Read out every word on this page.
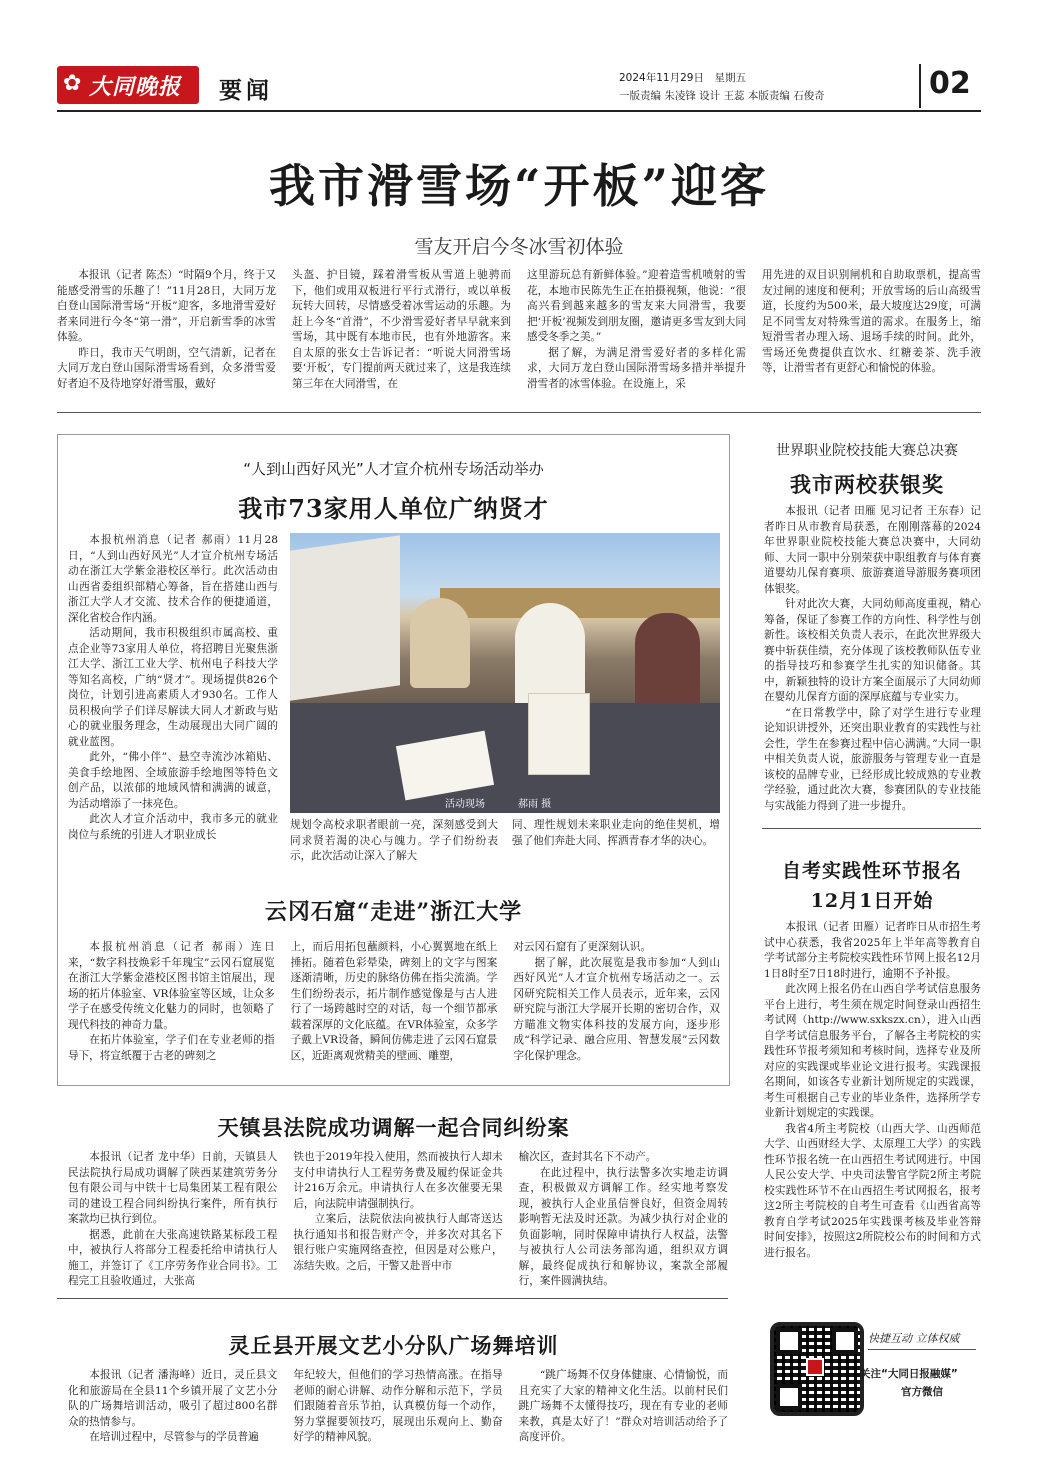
✿ 大同晚报 要闻	2024年11月29日　星期五
一版责编 朱凌锋 设计 王蕊 本版责编 石俊奇	02
我市滑雪场“开板”迎客
雪友开启今冬冰雪初体验

本报讯（记者 陈杰）“时隔9个月，终于又能感受滑雪的乐趣了！”11月28日，大同万龙白登山国际滑雪场“开板”迎客，多地滑雪爱好者来同进行今冬“第一滑”，开启新雪季的冰雪体验。

昨日，我市天气明朗，空气清新，记者在大同万龙白登山国际滑雪场看到，众多滑雪爱好者迫不及待地穿好滑雪服，戴好

头盔、护目镜，踩着滑雪板从雪道上驰骋而下，他们或用双板进行平行式滑行，或以单板玩转大回转，尽情感受着冰雪运动的乐趣。为赶上今冬“首滑”，不少滑雪爱好者早早就来到雪场，其中既有本地市民，也有外地游客。来自太原的张女士告诉记者：“听说大同滑雪场要‘开板’，专门提前两天就过来了，这是我连续第三年在大同滑雪，在

这里游玩总有新鲜体验。”迎着造雪机喷射的雪花，本地市民陈先生正在拍摄视频，他说：“很高兴看到越来越多的雪友来大同滑雪，我要把‘开板’视频发到朋友圈，邀请更多雪友到大同感受冬季之美。”

据了解，为满足滑雪爱好者的多样化需求，大同万龙白登山国际滑雪场多措并举提升滑雪者的冰雪体验。在设施上，采

用先进的双目识别闸机和自助取票机，提高雪友过闸的速度和便利；开放雪场的后山高级雪道，长度约为500米，最大坡度达29度，可满足不同雪友对特殊雪道的需求。在服务上，缩短滑雪者办理入场、退场手续的时间。此外，雪场还免费提供直饮水、红糖姜茶、洗手液等，让滑雪者有更舒心和愉悦的体验。

“人到山西好风光”人才宣介杭州专场活动举办
我市73家用人单位广纳贤才

本报杭州消息（记者 郝雨）11月28日，“人到山西好风光”人才宣介杭州专场活动在浙江大学紫金港校区举行。此次活动由山西省委组织部精心筹备，旨在搭建山西与浙江大学人才交流、技术合作的便捷通道，深化省校合作内涵。

活动期间，我市积极组织市属高校、重点企业等73家用人单位，将招聘目光聚焦浙江大学、浙江工业大学、杭州电子科技大学等知名高校，广纳“贤才”。现场提供826个岗位，计划引进高素质人才930名。工作人员积极向学子们详尽解读大同人才新政与贴心的就业服务理念，生动展现出大同广阔的就业蓝图。

此外，“佛小伴”、悬空寺流沙冰箱贴、美食手绘地图、全域旅游手绘地图等特色文创产品，以浓郁的地域风情和满满的诚意，为活动增添了一抹亮色。

此次人才宣介活动中，我市多元的就业岗位与系统的引进人才职业成长

活动现场	郝雨 摄

规划令高校求职者眼前一亮，深刻感受到大同求贤若渴的决心与魄力。学子们纷纷表示，此次活动让深入了解大

同、理性规划未来职业走向的绝佳契机，增强了他们奔赴大同、挥洒青春才华的决心。

云冈石窟“走进”浙江大学

本报杭州消息（记者 郝雨）连日来，“数字科技焕彩千年瑰宝”云冈石窟展览在浙江大学紫金港校区图书馆主馆展出，现场的拓片体验室、VR体验室等区域，让众多学子在感受传统文化魅力的同时，也领略了现代科技的神奇力量。

在拓片体验室，学子们在专业老师的指导下，将宣纸覆于古老的碑刻之

上，而后用拓包蘸颜料，小心翼翼地在纸上捶拓。随着色彩晕染，碑刻上的文字与图案逐渐清晰，历史的脉络仿佛在指尖流淌。学生们纷纷表示，拓片制作感觉像是与古人进行了一场跨越时空的对话，每一个细节都承载着深厚的文化底蕴。在VR体验室，众多学子戴上VR设备，瞬间仿佛走进了云冈石窟景区，近距离观赏精美的壁画、雕塑，

对云冈石窟有了更深刻认识。

据了解，此次展览是我市参加“人到山西好风光”人才宣介杭州专场活动之一。云冈研究院相关工作人员表示，近年来，云冈研究院与浙江大学展开长期的密切合作，双方瞄准文物实体科技的发展方向，逐步形成“科学记录、融合应用、智慧发展”云冈数字化保护理念。

世界职业院校技能大赛总决赛
我市两校获银奖

本报讯（记者 田雁 见习记者 王东春）记者昨日从市教育局获悉，在刚刚落幕的2024年世界职业院校技能大赛总决赛中，大同幼师、大同一职中分别荣获中职组教育与体育赛道婴幼儿保育赛项、旅游赛道导游服务赛项团体银奖。

针对此次大赛，大同幼师高度重视，精心筹备，保证了参赛工作的方向性、科学性与创新性。该校相关负责人表示，在此次世界级大赛中斩获佳绩，充分体现了该校教师队伍专业的指导技巧和参赛学生扎实的知识储备。其中，新颖独特的设计方案全面展示了大同幼师在婴幼儿保育方面的深厚底蕴与专业实力。

“在日常教学中，除了对学生进行专业理论知识讲授外，还突出职业教育的实践性与社会性，学生在参赛过程中信心满满。”大同一职中相关负责人说，旅游服务与管理专业一直是该校的品牌专业，已经形成比较成熟的专业教学经验，通过此次大赛，参赛团队的专业技能与实战能力得到了进一步提升。

自考实践性环节报名
12月1日开始

本报讯（记者 田雁）记者昨日从市招生考试中心获悉，我省2025年上半年高等教育自学考试部分主考院校实践性环节网上报名12月1日8时至7日18时进行，逾期不予补报。

此次网上报名仍在山西自学考试信息服务平台上进行，考生须在规定时间登录山西招生考试网（http://www.sxkszx.cn），进入山西自学考试信息服务平台，了解各主考院校的实践性环节报考须知和考核时间，选择专业及所对应的实践课或毕业论文进行报考。实践课报名期间，如该各专业新计划所规定的实践课，考生可根据自己专业的毕业条件，选择所学专业新计划规定的实践课。

我省4所主考院校（山西大学、山西师范大学、山西财经大学、太原理工大学）的实践性环节报名统一在山西招生考试网进行。中国人民公安大学、中央司法警官学院2所主考院校实践性环节不在山西招生考试网报名，报考这2所主考院校的自考生可查看《山西省高等教育自学考试2025年实践课考核及毕业答辩时间安排》，按照这2所院校公布的时间和方式进行报名。

快捷互动 立体权威
关注“大同日报融媒”
官方微信
天镇县法院成功调解一起合同纠纷案

本报讯（记者 龙中华）日前，天镇县人民法院执行局成功调解了陕西某建筑劳务分包有限公司与中铁十七局集团某工程有限公司的建设工程合同纠纷执行案件，所有执行案款均已执行到位。

据悉，此前在大张高速铁路某标段工程中，被执行人将部分工程委托给申请执行人施工，并签订了《工序劳务作业合同书》。工程完工且验收通过，大张高

铁也于2019年投入使用，然而被执行人却未支付申请执行人工程劳务费及履约保证金共计216万余元。申请执行人在多次催要无果后，向法院申请强制执行。

立案后，法院依法向被执行人邮寄送达执行通知书和报告财产令，并多次对其名下银行账户实施网络查控，但因是对公账户，冻结失败。之后，干警又赴晋中市

榆次区，查封其名下不动产。

在此过程中，执行法警多次实地走访调查，积极做双方调解工作。经实地考察发现，被执行人企业虽信誉良好，但资金周转影响暂无法及时还款。为减少执行对企业的负面影响，同时保障申请执行人权益，法警与被执行人公司法务部沟通，组织双方调解，最终促成执行和解协议，案款全部履行，案件圆满执结。

灵丘县开展文艺小分队广场舞培训

本报讯（记者 潘海峰）近日，灵丘县文化和旅游局在全县11个乡镇开展了文艺小分队的广场舞培训活动，吸引了超过800名群众的热情参与。

在培训过程中，尽管参与的学员普遍

年纪较大，但他们的学习热情高涨。在指导老师的耐心讲解、动作分解和示范下，学员们跟随着音乐节拍，认真模仿每一个动作，努力掌握要领技巧，展现出乐观向上、勤奋好学的精神风貌。

“跳广场舞不仅身体健康、心情愉悦，而且充实了大家的精神文化生活。以前村民们跳广场舞不太懂得技巧，现在有专业的老师来教，真是太好了！”群众对培训活动给予了高度评价。
